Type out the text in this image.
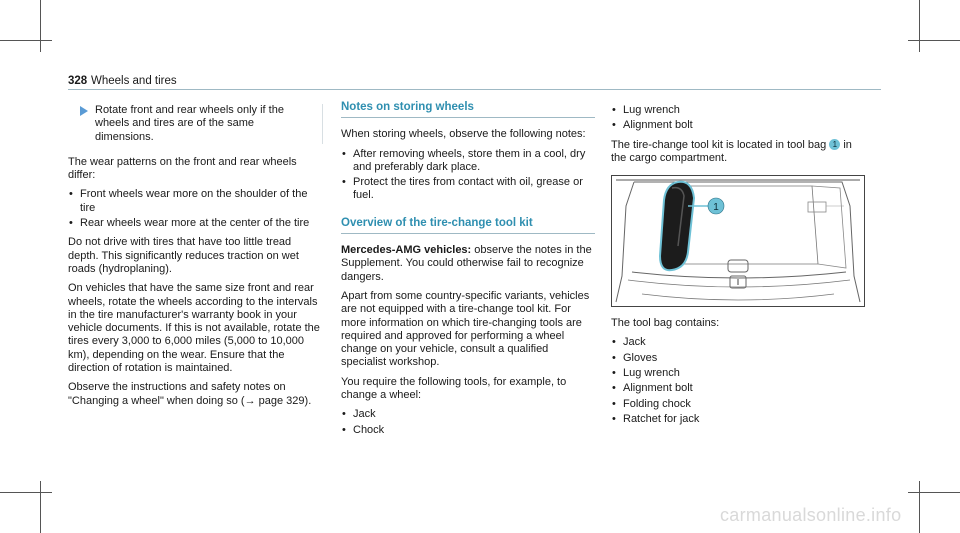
328 Wheels and tires
Rotate front and rear wheels only if the wheels and tires are of the same dimensions.

The wear patterns on the front and rear wheels differ:

• Front wheels wear more on the shoulder of the tire
• Rear wheels wear more at the center of the tire

Do not drive with tires that have too little tread depth. This significantly reduces traction on wet roads (hydroplaning).

On vehicles that have the same size front and rear wheels, rotate the wheels according to the intervals in the tire manufacturer's warranty book in your vehicle documents. If this is not available, rotate the tires every 3,000 to 6,000 miles (5,000 to 10,000 km), depending on the wear. Ensure that the direction of rotation is maintained.

Observe the instructions and safety notes on "Changing a wheel" when doing so (→ page 329).

Notes on storing wheels

When storing wheels, observe the following notes:

• After removing wheels, store them in a cool, dry and preferably dark place.
• Protect the tires from contact with oil, grease or fuel.
Overview of the tire-change tool kit

Mercedes-AMG vehicles: observe the notes in the Supplement. You could otherwise fail to recognize dangers.

Apart from some country-specific variants, vehicles are not equipped with a tire-change tool kit. For more information on which tire-changing tools are required and approved for performing a wheel change on your vehicle, consult a qualified specialist workshop.

You require the following tools, for example, to change a wheel:

• Jack
• Chock
• Lug wrench
• Alignment bolt

The tire-change tool kit is located in tool bag 1 in the cargo compartment.

1

The tool bag contains:

• Jack
• Gloves
• Lug wrench
• Alignment bolt
• Folding chock
• Ratchet for jack
carmanualsonline.info
